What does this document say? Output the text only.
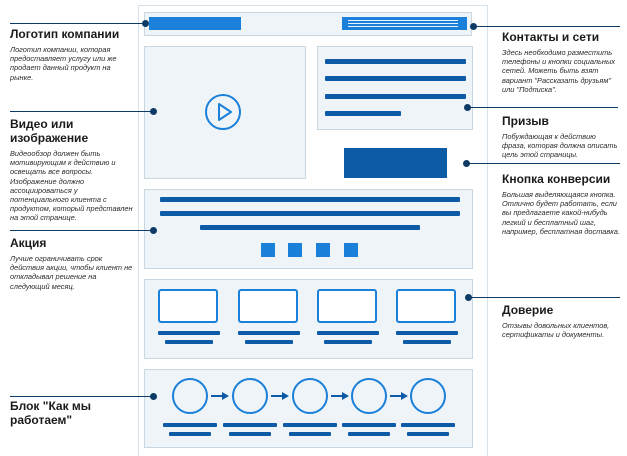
Логотип компании
Логотип компании, которая предоставляет услугу или же продает данный продукт на рынке.
Видео или изображение
Видеообзор должен быть мотивирующим к действию и освещать все вопросы. Изображение должно ассоциироваться у потенциального клиента с продуктом, который представлен на этой странице.
Акция
Лучше ограничивать срок действия акции, чтобы клиент не откладывал решение на следующий месяц.
Блок "Как мы работаем"
Контакты и сети
Здесь необходимо разместить телефоны и кнопки социальных сетей. Можеть быть взят вариант "Рассказать друзьям" или "Подписка".
Призыв
Побуждающая к действию фраза, которая должна описать цель этой страницы.
Кнопка конверсии
Большая выделяющаяся кнопка. Отлично будет работать, если вы предлагаете какой-нибудь легкий и бесплатный шаг, например, бесплатная доставка.
Доверие
Отзывы довольных клиентов, сертификаты и документы.
